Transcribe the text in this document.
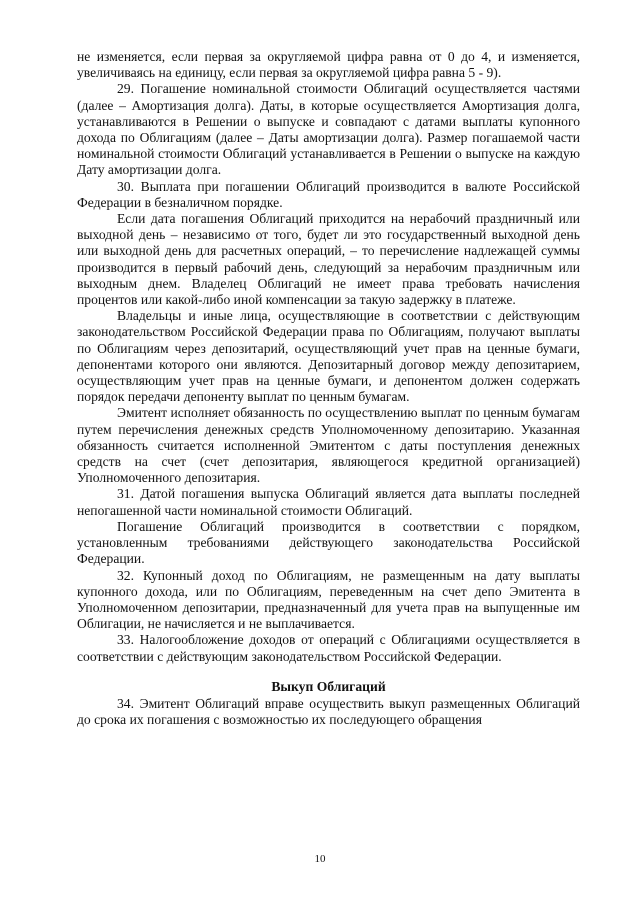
не изменяется, если первая за округляемой цифра равна от 0 до 4, и изменяется, увеличиваясь на единицу, если первая за округляемой цифра равна 5 - 9).

29. Погашение номинальной стоимости Облигаций осуществляется частями (далее – Амортизация долга). Даты, в которые осуществляется Амортизация долга, устанавливаются в Решении о выпуске и совпадают с датами выплаты купонного дохода по Облигациям (далее – Даты амортизации долга). Размер погашаемой части номинальной стоимости Облигаций устанавливается в Решении о выпуске на каждую Дату амортизации долга.

30. Выплата при погашении Облигаций производится в валюте Российской Федерации в безналичном порядке.

Если дата погашения Облигаций приходится на нерабочий праздничный или выходной день – независимо от того, будет ли это государственный выходной день или выходной день для расчетных операций, – то перечисление надлежащей суммы производится в первый рабочий день, следующий за нерабочим праздничным или выходным днем. Владелец Облигаций не имеет права требовать начисления процентов или какой-либо иной компенсации за такую задержку в платеже.

Владельцы и иные лица, осуществляющие в соответствии с действующим законодательством Российской Федерации права по Облигациям, получают выплаты по Облигациям через депозитарий, осуществляющий учет прав на ценные бумаги, депонентами которого они являются. Депозитарный договор между депозитарием, осуществляющим учет прав на ценные бумаги, и депонентом должен содержать порядок передачи депоненту выплат по ценным бумагам.

Эмитент исполняет обязанность по осуществлению выплат по ценным бумагам путем перечисления денежных средств Уполномоченному депозитарию. Указанная обязанность считается исполненной Эмитентом с даты поступления денежных средств на счет (счет депозитария, являющегося кредитной организацией) Уполномоченного депозитария.

31. Датой погашения выпуска Облигаций является дата выплаты последней непогашенной части номинальной стоимости Облигаций.

Погашение Облигаций производится в соответствии с порядком, установленным требованиями действующего законодательства Российской Федерации.

32. Купонный доход по Облигациям, не размещенным на дату выплаты купонного дохода, или по Облигациям, переведенным на счет депо Эмитента в Уполномоченном депозитарии, предназначенный для учета прав на выпущенные им Облигации, не начисляется и не выплачивается.

33. Налогообложение доходов от операций с Облигациями осуществляется в соответствии с действующим законодательством Российской Федерации.

Выкуп Облигаций

34. Эмитент Облигаций вправе осуществить выкуп размещенных Облигаций до срока их погашения с возможностью их последующего обращения

10
